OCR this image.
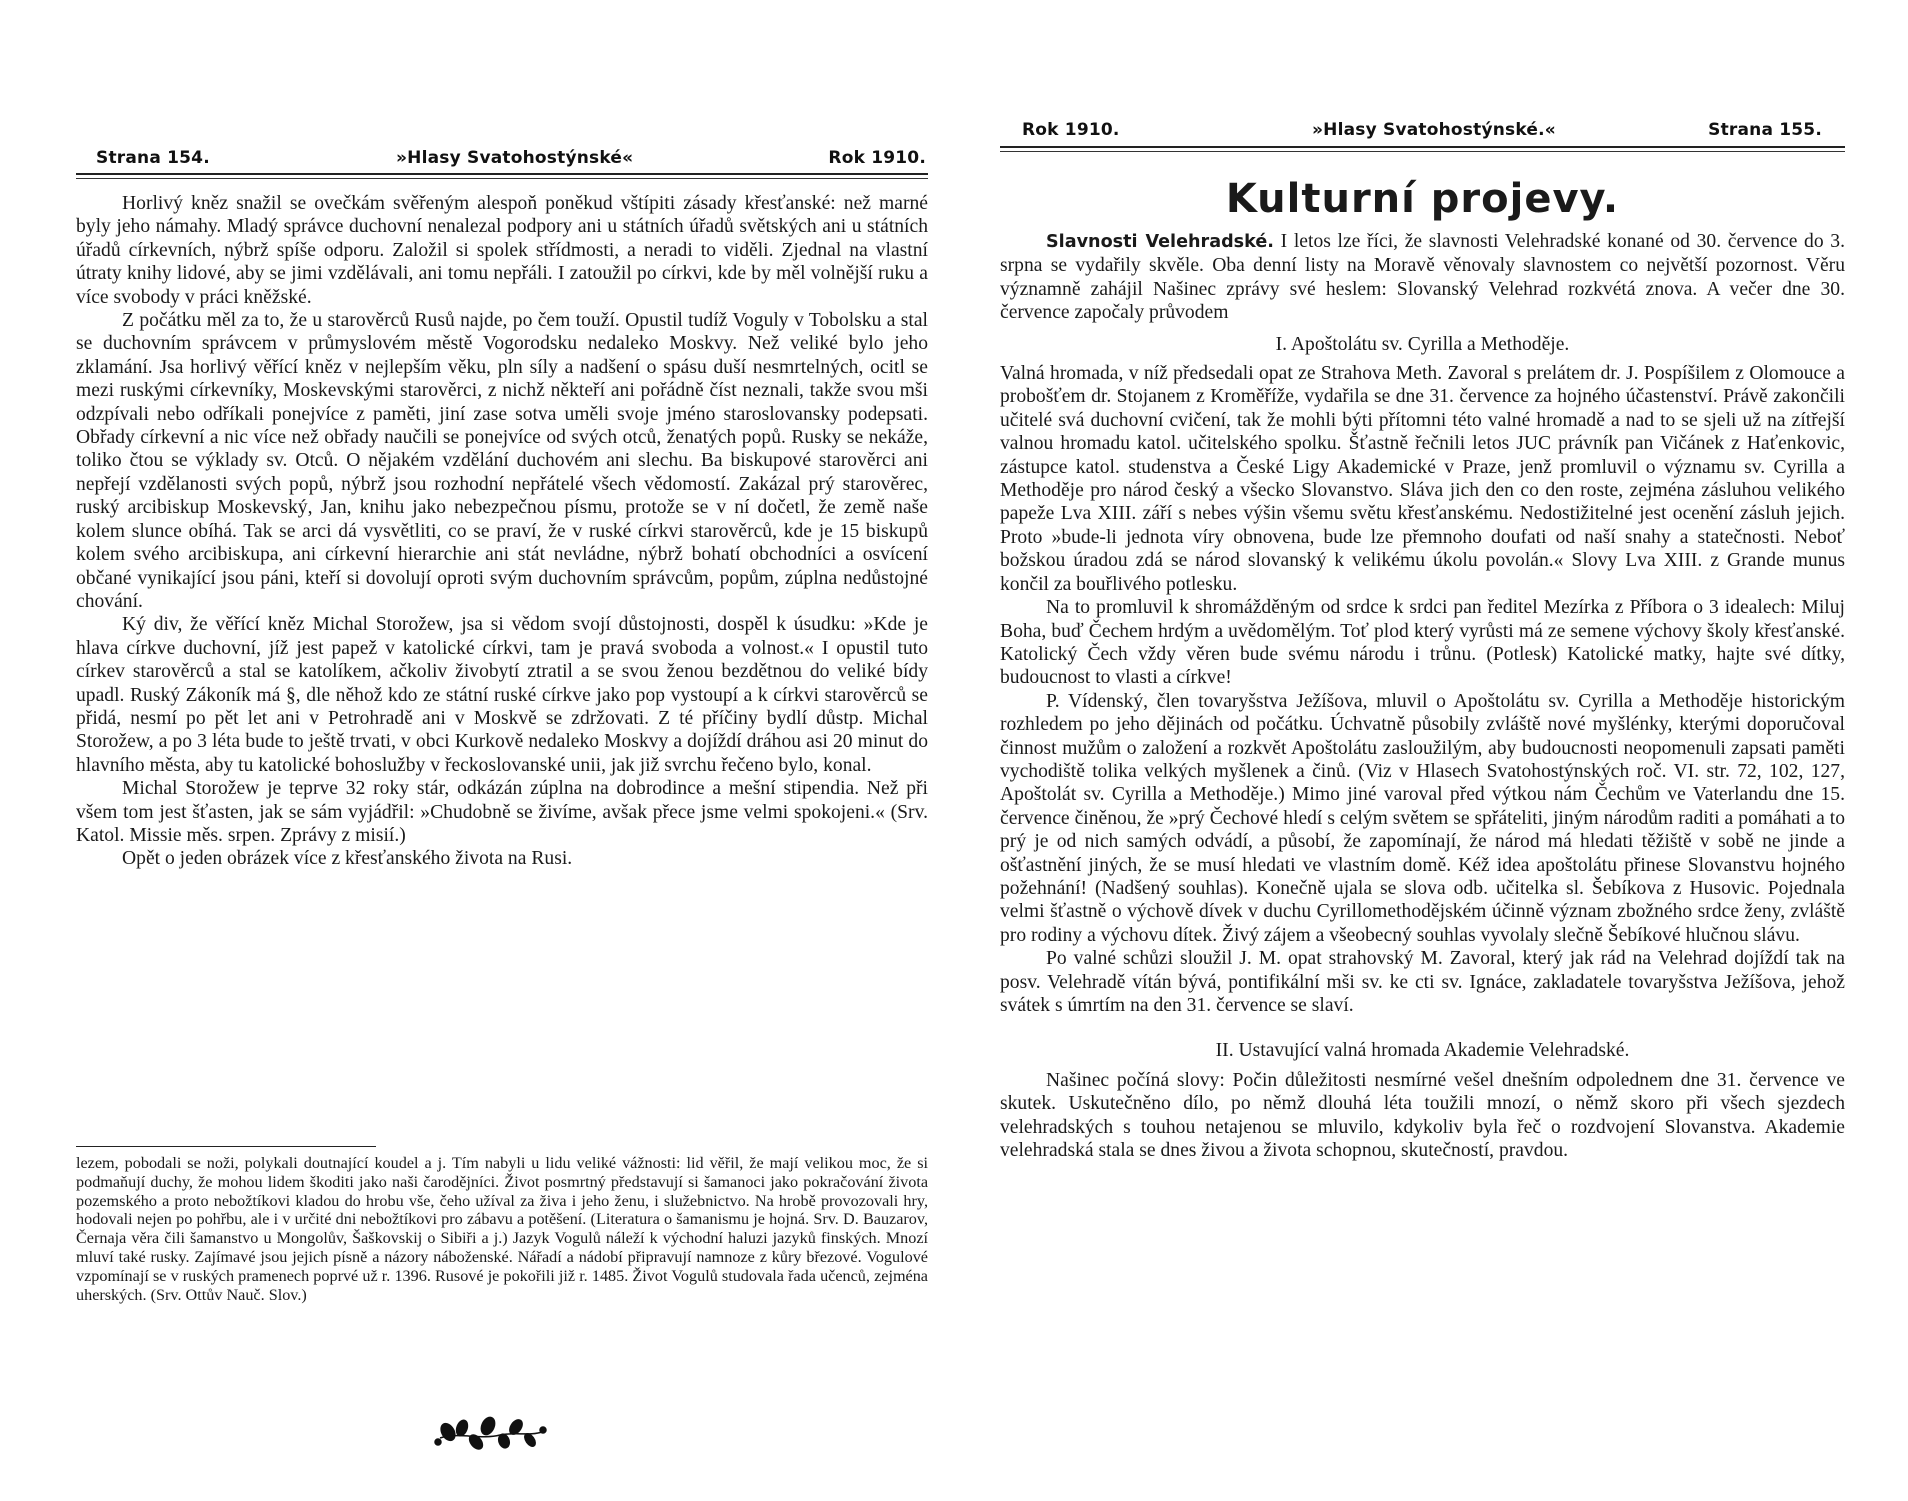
Strana 154.	»Hlasy Svatohostýnské«	Rok 1910.

Horlivý kněz snažil se ovečkám svěřeným alespoň poněkud vštípiti zásady křesťanské: než marné byly jeho námahy. Mladý správce duchovní nenalezal podpory ani u státních úřadů světských ani u státních úřadů církevních, nýbrž spíše odporu. Založil si spolek střídmosti, a neradi to viděli. Zjednal na vlastní útraty knihy lidové, aby se jimi vzdělávali, ani tomu nepřáli. I zatoužil po církvi, kde by měl volnější ruku a více svobody v práci kněžské.

Z počátku měl za to, že u starověrců Rusů najde, po čem touží. Opustil tudíž Voguly v Tobolsku a stal se duchovním správcem v průmyslovém městě Vogorodsku nedaleko Moskvy. Než veliké bylo jeho zklamání. Jsa horlivý věřící kněz v nejlepším věku, pln síly a nadšení o spásu duší nesmrtelných, ocitl se mezi ruskými církevníky, Moskevskými starověrci, z nichž někteří ani pořádně číst neznali, takže svou mši odzpívali nebo odříkali ponejvíce z paměti, jiní zase sotva uměli svoje jméno staroslovansky podepsati. Obřady církevní a nic více než obřady naučili se ponejvíce od svých otců, ženatých popů. Rusky se nekáže, toliko čtou se výklady sv. Otců. O nějakém vzdělání duchovém ani slechu. Ba biskupové starověrci ani nepřejí vzdělanosti svých popů, nýbrž jsou rozhodní nepřátelé všech vědomostí. Zakázal prý starověrec, ruský arcibiskup Moskevský, Jan, knihu jako nebezpečnou písmu, protože se v ní dočetl, že země naše kolem slunce obíhá. Tak se arci dá vysvětliti, co se praví, že v ruské církvi starověrců, kde je 15 biskupů kolem svého arcibiskupa, ani církevní hierarchie ani stát nevládne, nýbrž bohatí obchodníci a osvícení občané vynikající jsou páni, kteří si dovolují oproti svým duchovním správcům, popům, zúplna nedůstojné chování.

Ký div, že věřící kněz Michal Storožew, jsa si vědom svojí důstojnosti, dospěl k úsudku: »Kde je hlava církve duchovní, jíž jest papež v katolické církvi, tam je pravá svoboda a volnost.« I opustil tuto církev starověrců a stal se katolíkem, ačkoliv živobytí ztratil a se svou ženou bezdětnou do veliké bídy upadl. Ruský Zákoník má §, dle něhož kdo ze státní ruské církve jako pop vystoupí a k církvi starověrců se přidá, nesmí po pět let ani v Petrohradě ani v Moskvě se zdržovati. Z té příčiny bydlí důstp. Michal Storožew, a po 3 léta bude to ještě trvati, v obci Kurkově nedaleko Moskvy a dojíždí dráhou asi 20 minut do hlavního města, aby tu katolické bohoslužby v řeckoslovanské unii, jak již svrchu řečeno bylo, konal.

Michal Storožew je teprve 32 roky stár, odkázán zúplna na dobrodince a mešní stipendia. Než při všem tom jest šťasten, jak se sám vyjádřil: »Chudobně se živíme, avšak přece jsme velmi spokojeni.« (Srv. Katol. Missie měs. srpen. Zprávy z misií.)

Opět o jeden obrázek více z křesťanského života na Rusi.

lezem, pobodali se noži, polykali doutnající koudel a j. Tím nabyli u lidu veliké vážnosti: lid věřil, že mají velikou moc, že si podmaňují duchy, že mohou lidem škoditi jako naši čarodějníci. Život posmrtný představují si šamanoci jako pokračování života pozemského a proto nebožtíkovi kladou do hrobu vše, čeho užíval za živa i jeho ženu, i služebnictvo. Na hrobě provozovali hry, hodovali nejen po pohřbu, ale i v určité dni nebožtíkovi pro zábavu a potěšení. (Literatura o šamanismu je hojná. Srv. D. Bauzarov, Černaja věra čili šamanstvo u Mongolův, Šaškovskij o Sibiři a j.) Jazyk Vogulů náleží k východní haluzi jazyků finských. Mnozí mluví také rusky. Zajímavé jsou jejich písně a názory náboženské. Nářadí a nádobí připravují namnoze z kůry březové. Vogulové vzpomínají se v ruských pramenech poprvé už r. 1396. Rusové je pokořili již r. 1485. Život Vogulů studovala řada učenců, zejména uherských. (Srv. Ottův Nauč. Slov.)

Rok 1910.	»Hlasy Svatohostýnské.«	Strana 155.
Kulturní projevy.

Slavnosti Velehradské. I letos lze říci, že slavnosti Velehradské konané od 30. července do 3. srpna se vydařily skvěle. Oba denní listy na Moravě věnovaly slavnostem co největší pozornost. Věru významně zahájil Našinec zprávy své heslem: Slovanský Velehrad rozkvétá znova. A večer dne 30. července započaly průvodem

I. Apoštolátu sv. Cyrilla a Methoděje.

Valná hromada, v níž předsedali opat ze Strahova Meth. Zavoral s prelátem dr. J. Pospíšilem z Olomouce a probošťem dr. Stojanem z Kroměříže, vydařila se dne 31. července za hojného účastenství. Právě zakončili učitelé svá duchovní cvičení, tak že mohli býti přítomni této valné hromadě a nad to se sjeli už na zítřejší valnou hromadu katol. učitelského spolku. Šťastně řečnili letos JUC právník pan Vičánek z Haťenkovic, zástupce katol. studenstva a České Ligy Akademické v Praze, jenž promluvil o významu sv. Cyrilla a Methoděje pro národ český a všecko Slovanstvo. Sláva jich den co den roste, zejména zásluhou velikého papeže Lva XIII. září s nebes výšin všemu světu křesťanskému. Nedostižitelné jest ocenění zásluh jejich. Proto »bude-li jednota víry obnovena, bude lze přemnoho doufati od naší snahy a statečnosti. Neboť božskou úradou zdá se národ slovanský k velikému úkolu povolán.« Slovy Lva XIII. z Grande munus končil za bouřlivého potlesku.

Na to promluvil k shromážděným od srdce k srdci pan ředitel Mezírka z Příbora o 3 idealech: Miluj Boha, buď Čechem hrdým a uvědomělým. Toť plod který vyrůsti má ze semene výchovy školy křesťanské. Katolický Čech vždy věren bude svému národu i trůnu. (Potlesk) Katolické matky, hajte své dítky, budoucnost to vlasti a církve!

P. Vídenský, člen tovaryšstva Ježíšova, mluvil o Apoštolátu sv. Cyrilla a Methoděje historickým rozhledem po jeho dějinách od počátku. Úchvatně působily zvláště nové myšlénky, kterými doporučoval činnost mužům o založení a rozkvět Apoštolátu zasloužilým, aby budoucnosti neopomenuli zapsati paměti vychodiště tolika velkých myšlenek a činů. (Viz v Hlasech Svatohostýnských roč. VI. str. 72, 102, 127, Apoštolát sv. Cyrilla a Methoděje.) Mimo jiné varoval před výtkou nám Čechům ve Vaterlandu dne 15. července činěnou, že »prý Čechové hledí s celým světem se spřáteliti, jiným národům raditi a pomáhati a to prý je od nich samých odvádí, a působí, že zapomínají, že národ má hledati těžiště v sobě ne jinde a ošťastnění jiných, že se musí hledati ve vlastním domě. Kéž idea apoštolátu přinese Slovanstvu hojného požehnání! (Nadšený souhlas). Konečně ujala se slova odb. učitelka sl. Šebíkova z Husovic. Pojednala velmi šťastně o výchově dívek v duchu Cyrillomethodějském účinně význam zbožného srdce ženy, zvláště pro rodiny a výchovu dítek. Živý zájem a všeobecný souhlas vyvolaly slečně Šebíkové hlučnou slávu.

Po valné schůzi sloužil J. M. opat strahovský M. Zavoral, který jak rád na Velehrad dojíždí tak na posv. Velehradě vítán bývá, pontifikální mši sv. ke cti sv. Ignáce, zakladatele tovaryšstva Ježíšova, jehož svátek s úmrtím na den 31. července se slaví.

II. Ustavující valná hromada Akademie Velehradské.

Našinec počíná slovy: Počin důležitosti nesmírné vešel dnešním odpolednem dne 31. července ve skutek. Uskutečněno dílo, po němž dlouhá léta toužili mnozí, o němž skoro při všech sjezdech velehradských s touhou netajenou se mluvilo, kdykoliv byla řeč o rozdvojení Slovanstva. Akademie velehradská stala se dnes živou a života schopnou, skutečností, pravdou.
